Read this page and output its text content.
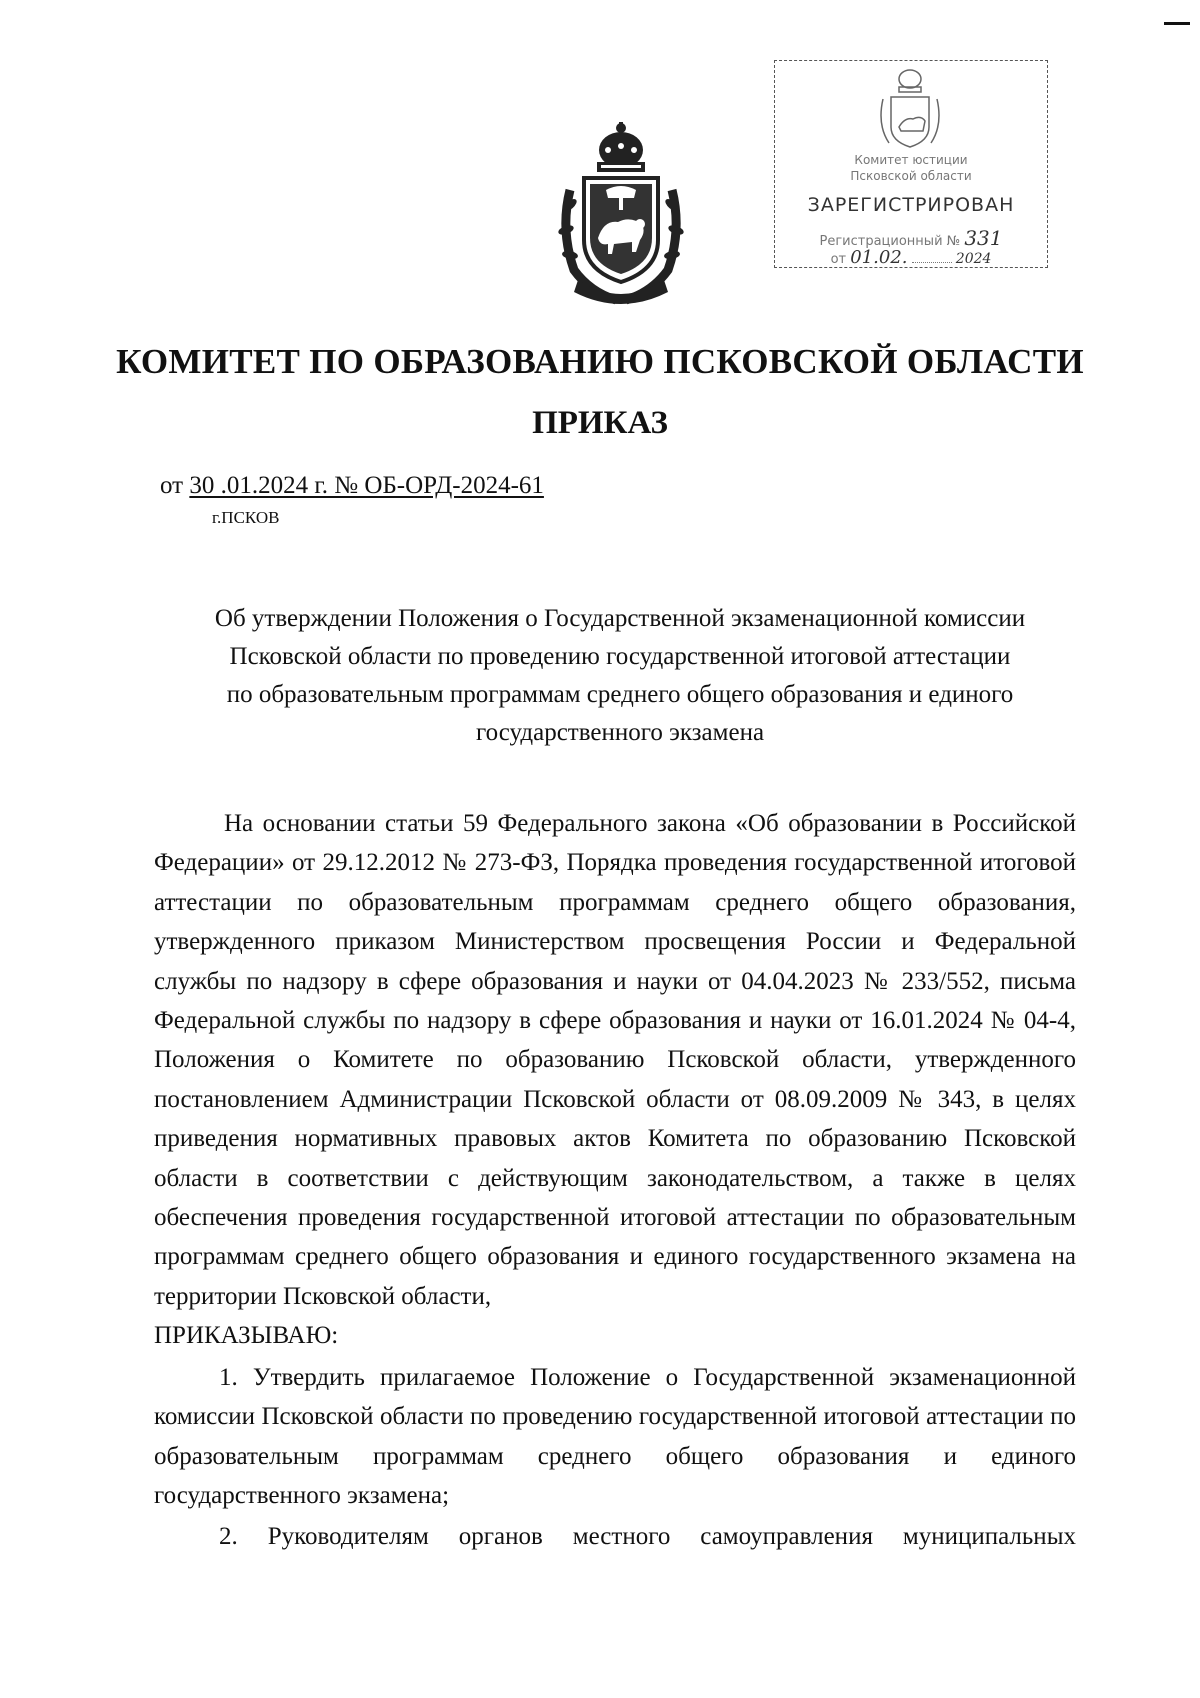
Комитет юстиции
Псковской области
ЗАРЕГИСТРИРОВАН
Регистрационный № 331
от 01.02.	2024
КОМИТЕТ ПО ОБРАЗОВАНИЮ ПСКОВСКОЙ ОБЛАСТИ
ПРИКАЗ
от 30 .01.2024 г. № ОБ-ОРД-2024-61
г.ПСКОВ
Об утверждении Положения о Государственной экзаменационной комиссии
Псковской области по проведению государственной итоговой аттестации
по образовательным программам среднего общего образования и единого
государственного экзамена

На основании статьи 59 Федерального закона «Об образовании в Российской Федерации» от 29.12.2012 № 273-ФЗ, Порядка проведения государственной итоговой аттестации по образовательным программам среднего общего образования, утвержденного приказом Министерством просвещения России и Федеральной службы по надзору в сфере образования и науки от 04.04.2023 № 233/552, письма Федеральной службы по надзору в сфере образования и науки от 16.01.2024 № 04-4, Положения о Комитете по образованию Псковской области, утвержденного постановлением Администрации Псковской области от 08.09.2009 № 343, в целях приведения нормативных правовых актов Комитета по образованию Псковской области в соответствии с действующим законодательством, а также в целях обеспечения проведения государственной итоговой аттестации по образовательным программам среднего общего образования и единого государственного экзамена на территории Псковской области,

ПРИКАЗЫВАЮ:

1. Утвердить прилагаемое Положение о Государственной экзаменационной комиссии Псковской области по проведению государственной итоговой аттестации по образовательным программам среднего общего образования и единого государственного экзамена;

2. Руководителям органов местного самоуправления муниципальных
